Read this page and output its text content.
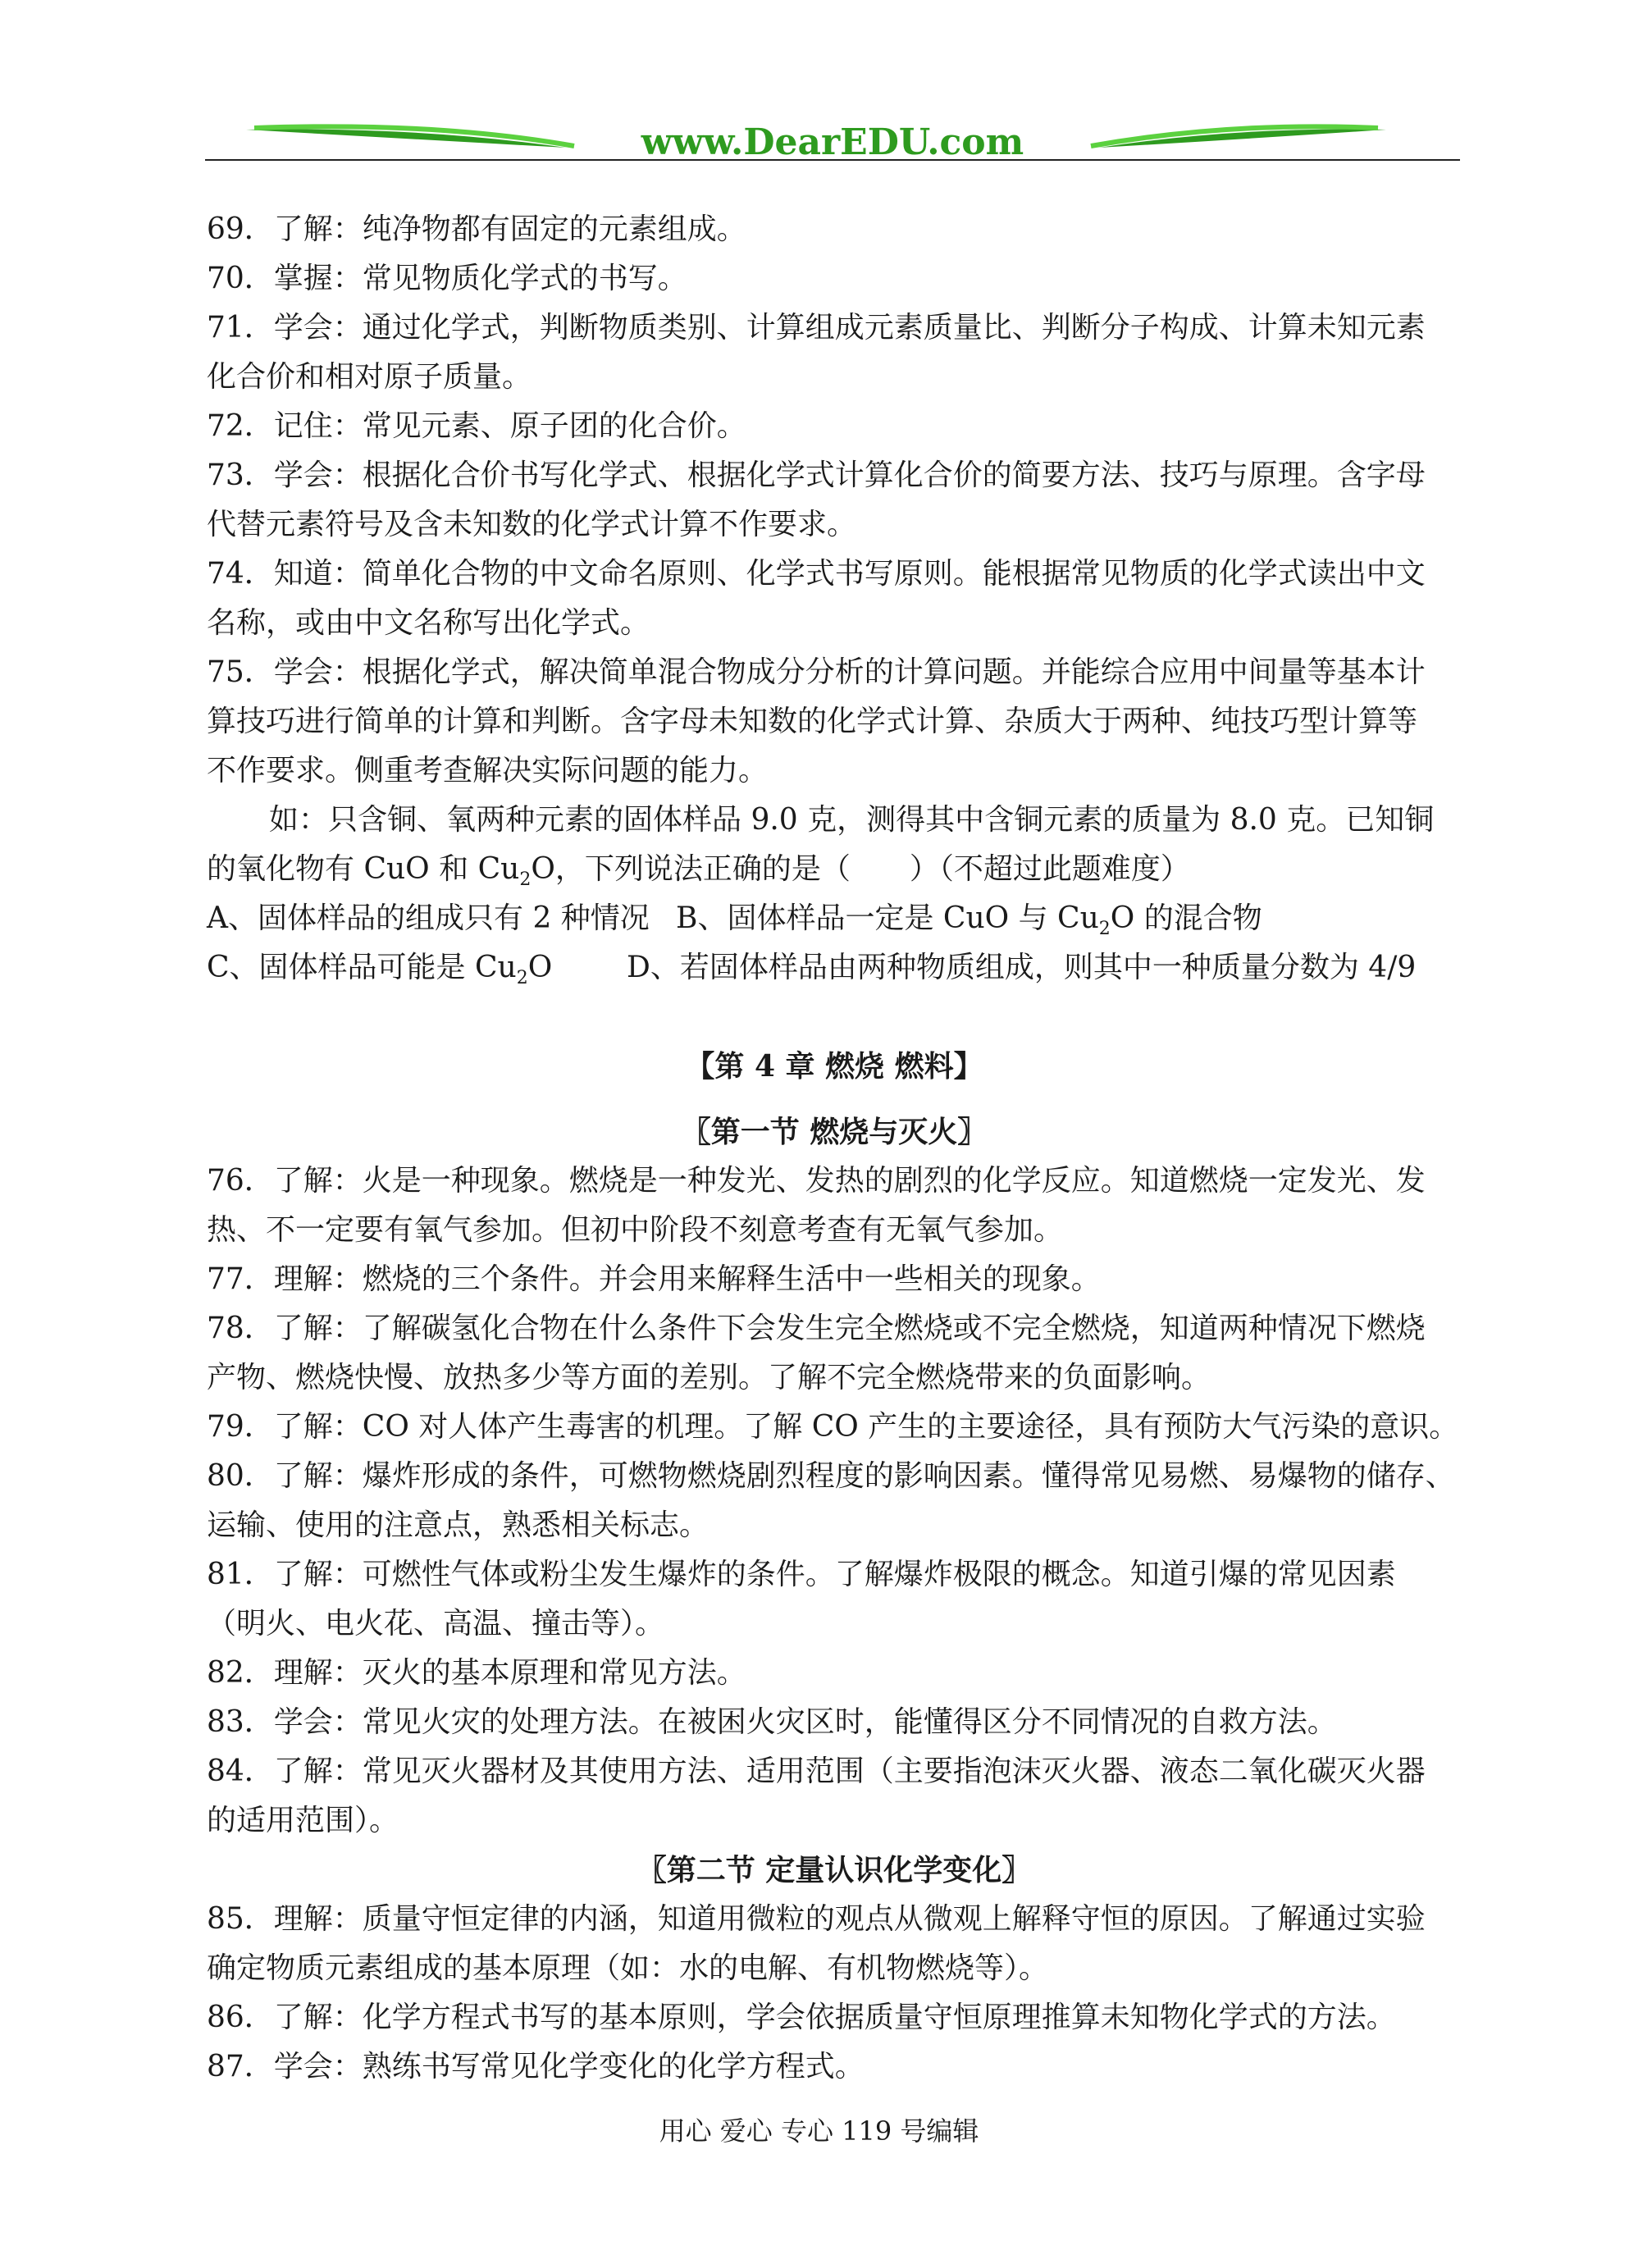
www.DearEDU.com
69．了解：纯净物都有固定的元素组成。
70．掌握：常见物质化学式的书写。
71．学会：通过化学式，判断物质类别、计算组成元素质量比、判断分子构成、计算未知元素
化合价和相对原子质量。
72．记住：常见元素、原子团的化合价。
73．学会：根据化合价书写化学式、根据化学式计算化合价的简要方法、技巧与原理。含字母
代替元素符号及含未知数的化学式计算不作要求。
74．知道：简单化合物的中文命名原则、化学式书写原则。能根据常见物质的化学式读出中文
名称，或由中文名称写出化学式。
75．学会：根据化学式，解决简单混合物成分分析的计算问题。并能综合应用中间量等基本计
算技巧进行简单的计算和判断。含字母未知数的化学式计算、杂质大于两种、纯技巧型计算等
不作要求。侧重考查解决实际问题的能力。
如：只含铜、氧两种元素的固体样品 9.0 克，测得其中含铜元素的质量为 8.0 克。已知铜
的氧化物有 CuO 和 $Cu_2O$，下列说法正确的是（　　）（不超过此题难度）
A、固体样品的组成只有 2 种情况 B、固体样品一定是 CuO 与 $Cu_2O$ 的混合物
C、固体样品可能是 $Cu_2O$	D、若固体样品由两种物质组成，则其中一种质量分数为 4/9
【第 4 章 燃烧 燃料】
〖第一节 燃烧与灭火〗
76．了解：火是一种现象。燃烧是一种发光、发热的剧烈的化学反应。知道燃烧一定发光、发
热、不一定要有氧气参加。但初中阶段不刻意考查有无氧气参加。
77．理解：燃烧的三个条件。并会用来解释生活中一些相关的现象。
78．了解：了解碳氢化合物在什么条件下会发生完全燃烧或不完全燃烧，知道两种情况下燃烧
产物、燃烧快慢、放热多少等方面的差别。了解不完全燃烧带来的负面影响。
79．了解：CO 对人体产生毒害的机理。了解 CO 产生的主要途径，具有预防大气污染的意识。
80．了解：爆炸形成的条件，可燃物燃烧剧烈程度的影响因素。懂得常见易燃、易爆物的储存、
运输、使用的注意点，熟悉相关标志。
81．了解：可燃性气体或粉尘发生爆炸的条件。了解爆炸极限的概念。知道引爆的常见因素
（明火、电火花、高温、撞击等）。
82．理解：灭火的基本原理和常见方法。
83．学会：常见火灾的处理方法。在被困火灾区时，能懂得区分不同情况的自救方法。
84．了解：常见灭火器材及其使用方法、适用范围（主要指泡沫灭火器、液态二氧化碳灭火器
的适用范围）。
〖第二节 定量认识化学变化〗
85．理解：质量守恒定律的内涵，知道用微粒的观点从微观上解释守恒的原因。了解通过实验
确定物质元素组成的基本原理（如：水的电解、有机物燃烧等）。
86．了解：化学方程式书写的基本原则，学会依据质量守恒原理推算未知物化学式的方法。
87．学会：熟练书写常见化学变化的化学方程式。
用心 爱心 专心 119 号编辑
